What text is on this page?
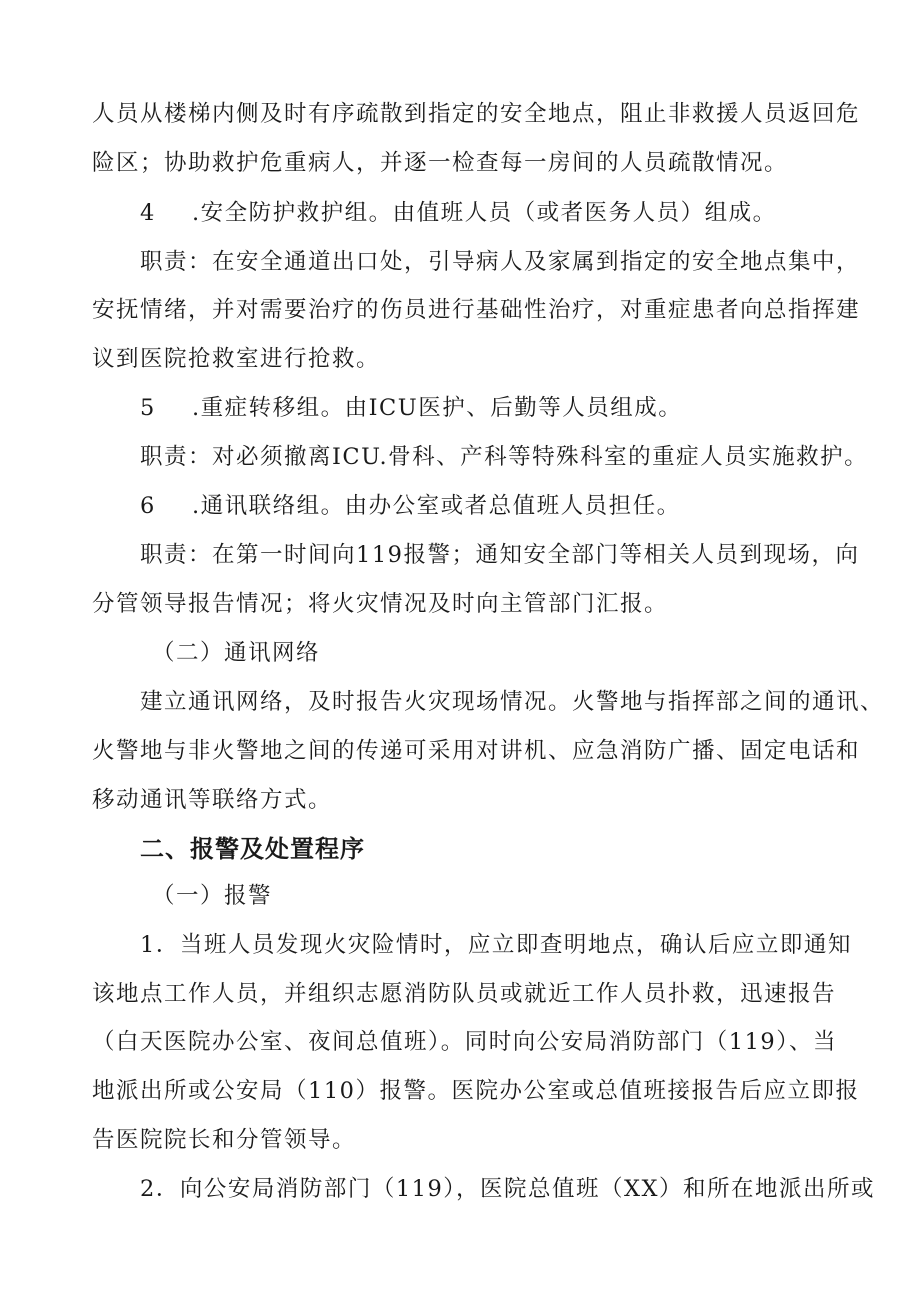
人员从楼梯内侧及时有序疏散到指定的安全地点，阻止非救援人员返回危
险区；协助救护危重病人，并逐一检查每一房间的人员疏散情况。
4 .安全防护救护组。由值班人员（或者医务人员）组成。
职责：在安全通道出口处，引导病人及家属到指定的安全地点集中，
安抚情绪，并对需要治疗的伤员进行基础性治疗，对重症患者向总指挥建
议到医院抢救室进行抢救。
5 .重症转移组。由ICU医护、后勤等人员组成。
职责：对必须撤离ICU.骨科、产科等特殊科室的重症人员实施救护。
6 .通讯联络组。由办公室或者总值班人员担任。
职责：在第一时间向119报警；通知安全部门等相关人员到现场，向
分管领导报告情况；将火灾情况及时向主管部门汇报。
（二）通讯网络
建立通讯网络，及时报告火灾现场情况。火警地与指挥部之间的通讯、
火警地与非火警地之间的传递可采用对讲机、应急消防广播、固定电话和
移动通讯等联络方式。
二、报警及处置程序
（一）报警
1．当班人员发现火灾险情时，应立即查明地点，确认后应立即通知
该地点工作人员，并组织志愿消防队员或就近工作人员扑救，迅速报告
（白天医院办公室、夜间总值班）。同时向公安局消防部门（119）、当
地派出所或公安局（110）报警。医院办公室或总值班接报告后应立即报
告医院院长和分管领导。
2．向公安局消防部门（119），医院总值班（XX）和所在地派出所或
